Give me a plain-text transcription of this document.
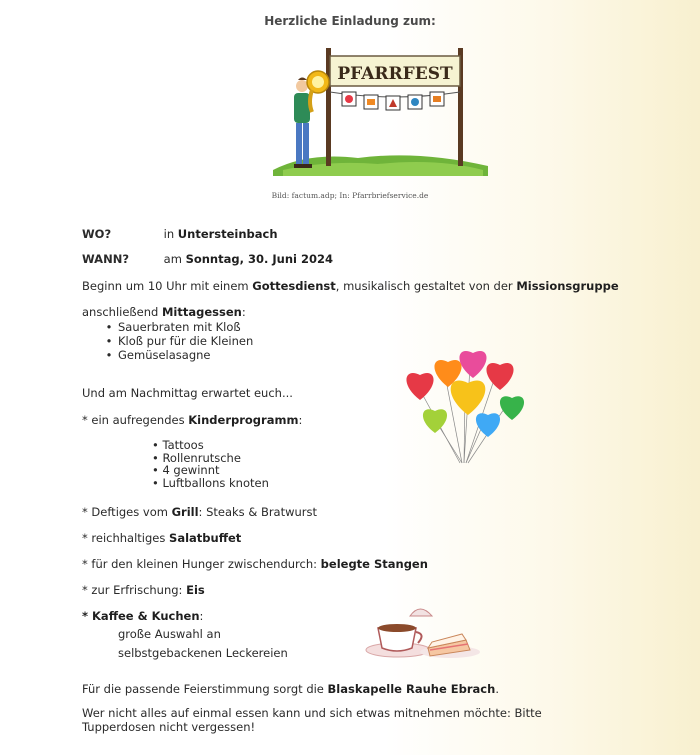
Herzliche Einladung zum:
PFARRFEST
Bild: factum.adp; In: Pfarrbriefservice.de
WO?	in Untersteinbach
WANN?	am Sonntag, 30. Juni 2024
Beginn um 10 Uhr mit einem Gottesdienst, musikalisch gestaltet von der Missionsgruppe
anschließend Mittagessen:
• Sauerbraten mit Kloß
• Kloß pur für die Kleinen
• Gemüselasagne
Und am Nachmittag erwartet euch...
* ein aufregendes Kinderprogramm:
• Tattoos
• Rollenrutsche
• 4 gewinnt
• Luftballons knoten
* Deftiges vom Grill: Steaks & Bratwurst
* reichhaltiges Salatbuffet
* für den kleinen Hunger zwischendurch: belegte Stangen
* zur Erfrischung: Eis
* Kaffee & Kuchen:
große Auswahl an
selbstgebackenen Leckereien
Für die passende Feierstimmung sorgt die Blaskapelle Rauhe Ebrach.
Wer nicht alles auf einmal essen kann und sich etwas mitnehmen möchte: Bitte
Tupperdosen nicht vergessen!
